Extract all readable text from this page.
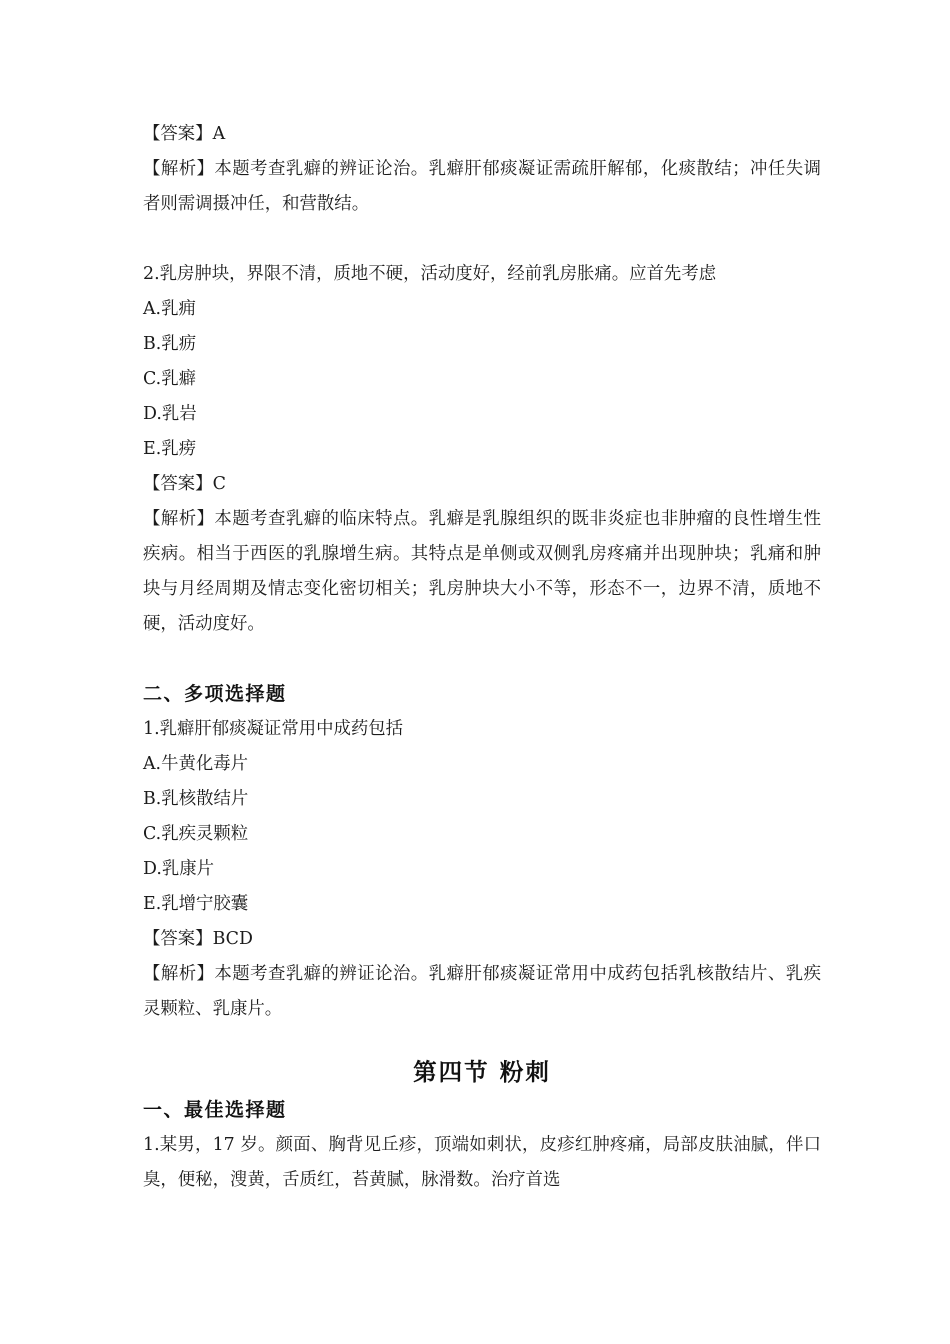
【答案】A

【解析】本题考查乳癖的辨证论治。乳癖肝郁痰凝证需疏肝解郁，化痰散结；冲任失调者则需调摄冲任，和营散结。

2.乳房肿块，界限不清，质地不硬，活动度好，经前乳房胀痛。应首先考虑

A.乳痈

B.乳疬

C.乳癖

D.乳岩

E.乳痨

【答案】C

【解析】本题考查乳癖的临床特点。乳癖是乳腺组织的既非炎症也非肿瘤的良性增生性疾病。相当于西医的乳腺增生病。其特点是单侧或双侧乳房疼痛并出现肿块；乳痛和肿块与月经周期及情志变化密切相关；乳房肿块大小不等，形态不一，边界不清，质地不硬，活动度好。

二、多项选择题

1.乳癖肝郁痰凝证常用中成药包括

A.牛黄化毒片

B.乳核散结片

C.乳疾灵颗粒

D.乳康片

E.乳增宁胶囊

【答案】BCD

【解析】本题考查乳癖的辨证论治。乳癖肝郁痰凝证常用中成药包括乳核散结片、乳疾灵颗粒、乳康片。

第四节 粉刺
一、最佳选择题

1.某男，17 岁。颜面、胸背见丘疹，顶端如刺状，皮疹红肿疼痛，局部皮肤油腻，伴口臭，便秘，溲黄，舌质红，苔黄腻，脉滑数。治疗首选
